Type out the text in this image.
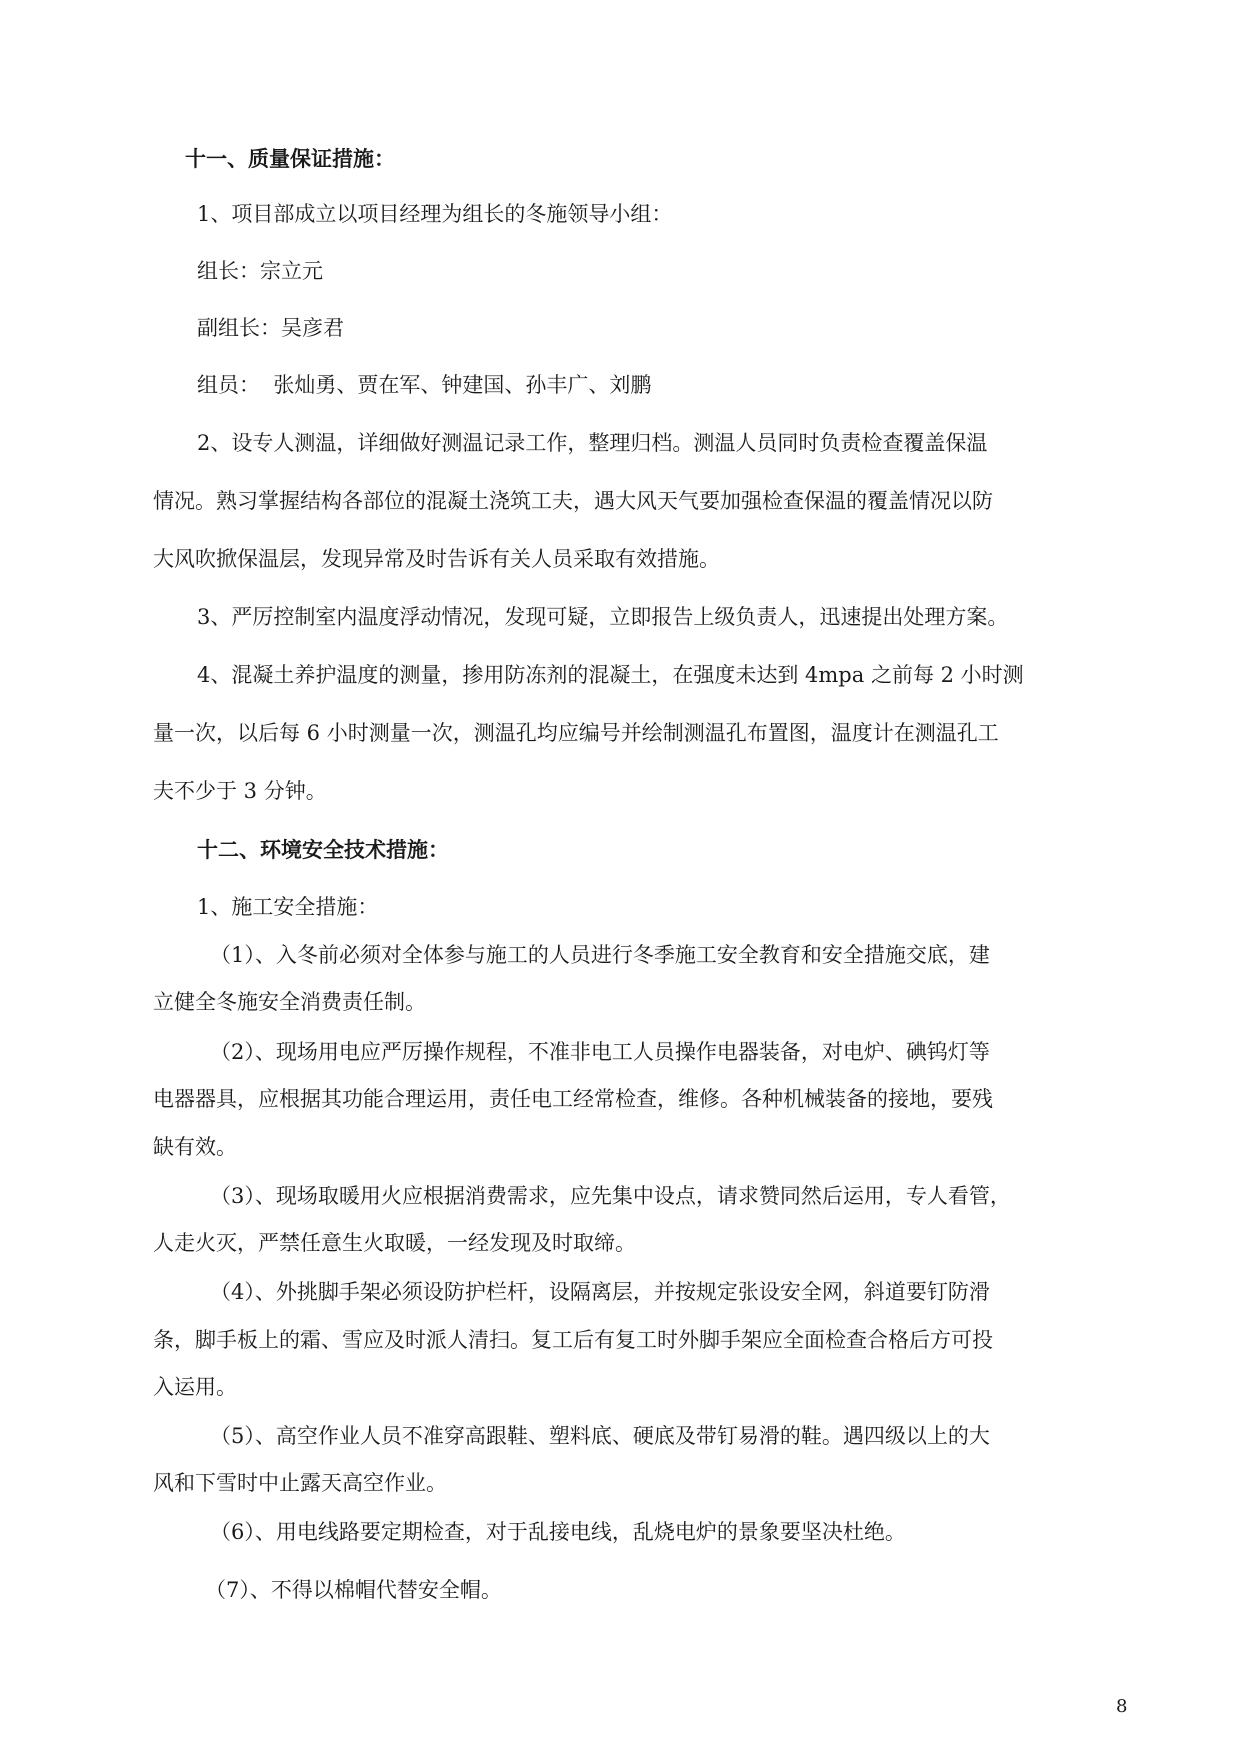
十一、质量保证措施：
1、项目部成立以项目经理为组长的冬施领导小组：
组长：宗立元
副组长：吴彦君
组员：  张灿勇、贾在军、钟建国、孙丰广、刘鹏
2、设专人测温，详细做好测温记录工作，整理归档。测温人员同时负责检查覆盖保温
情况。熟习掌握结构各部位的混凝土浇筑工夫，遇大风天气要加强检查保温的覆盖情况以防
大风吹掀保温层，发现异常及时告诉有关人员采取有效措施。
3、严厉控制室内温度浮动情况，发现可疑，立即报告上级负责人，迅速提出处理方案。
4、混凝土养护温度的测量，掺用防冻剂的混凝土，在强度未达到 4mpa 之前每 2 小时测
量一次，以后每 6 小时测量一次，测温孔均应编号并绘制测温孔布置图，温度计在测温孔工
夫不少于 3 分钟。
十二、环境安全技术措施：
1、施工安全措施：
（1）、入冬前必须对全体参与施工的人员进行冬季施工安全教育和安全措施交底，建
立健全冬施安全消费责任制。
（2）、现场用电应严厉操作规程，不准非电工人员操作电器装备，对电炉、碘钨灯等
电器器具，应根据其功能合理运用，责任电工经常检查，维修。各种机械装备的接地，要残
缺有效。
（3）、现场取暖用火应根据消费需求，应先集中设点，请求赞同然后运用，专人看管，
人走火灭，严禁任意生火取暖，一经发现及时取缔。
（4）、外挑脚手架必须设防护栏杆，设隔离层，并按规定张设安全网，斜道要钉防滑
条，脚手板上的霜、雪应及时派人清扫。复工后有复工时外脚手架应全面检查合格后方可投
入运用。
（5）、高空作业人员不准穿高跟鞋、塑料底、硬底及带钉易滑的鞋。遇四级以上的大
风和下雪时中止露天高空作业。
（6）、用电线路要定期检查，对于乱接电线，乱烧电炉的景象要坚决杜绝。
（7）、不得以棉帽代替安全帽。
8
